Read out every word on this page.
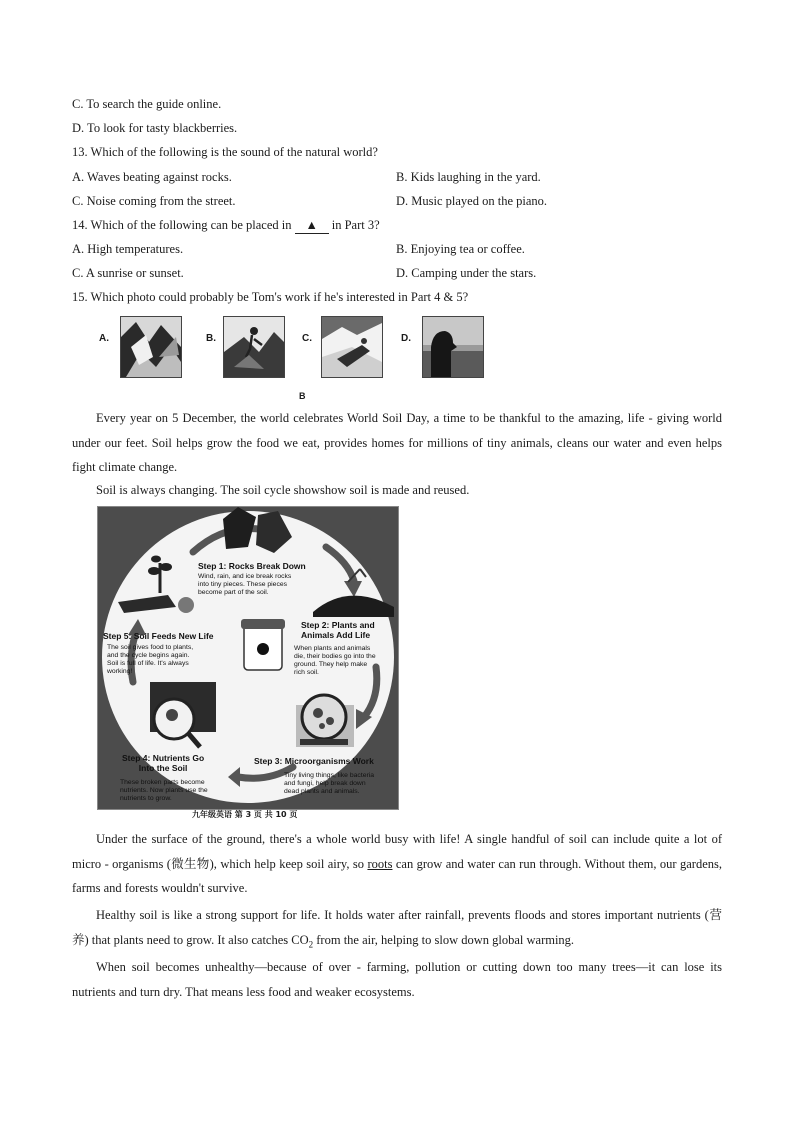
C. To search the guide online.
D. To look for tasty blackberries.
13. Which of the following is the sound of the natural world?
A. Waves beating against rocks.	B. Kids laughing in the yard.
C. Noise coming from the street.	D. Music played on the piano.
14. Which of the following can be placed in ▲ in Part 3?
A. High temperatures.	B. Enjoying tea or coffee.
C. A sunrise or sunset.	D. Camping under the stars.
15. Which photo could probably be Tom's work if he's interested in Part 4 & 5?
A.	B.	C.	D.
B
Every year on 5 December, the world celebrates World Soil Day, a time to be thankful to the amazing, life - giving world under our feet. Soil helps grow the food we eat, provides homes for millions of tiny animals, cleans our water and even helps fight climate change.
Soil is always changing. The soil cycle showshow soil is made and reused.
Step 1: Rocks Break Down
Wind, rain, and ice break rocks
into tiny pieces. These pieces
become part of the soil.
Step 2: Plants and
Animals Add Life
When plants and animals
die, their bodies go into the
ground. They help make
rich soil.
Step 3: Microorganisms Work
Tiny living things, like bacteria
and fungi, help break down
dead plants and animals.
Step 4: Nutrients Go
Into the Soil
These broken parts become
nutrients. Now plants use the
nutrients to grow.
Step 5: Soil Feeds New Life
The soil gives food to plants,
and the cycle begins again.
Soil is full of life. It's always
working!
九年级英语 第 3 页 共 10 页
Under the surface of the ground, there's a whole world busy with life! A single handful of soil can include quite a lot of micro - organisms (微生物), which help keep soil airy, so roots can grow and water can run through. Without them, our gardens, farms and forests wouldn't survive.
Healthy soil is like a strong support for life. It holds water after rainfall, prevents floods and stores important nutrients (营养) that plants need to grow. It also catches $CO_2$ from the air, helping to slow down global warming.
When soil becomes unhealthy—because of over - farming, pollution or cutting down too many trees—it can lose its nutrients and turn dry. That means less food and weaker ecosystems.
